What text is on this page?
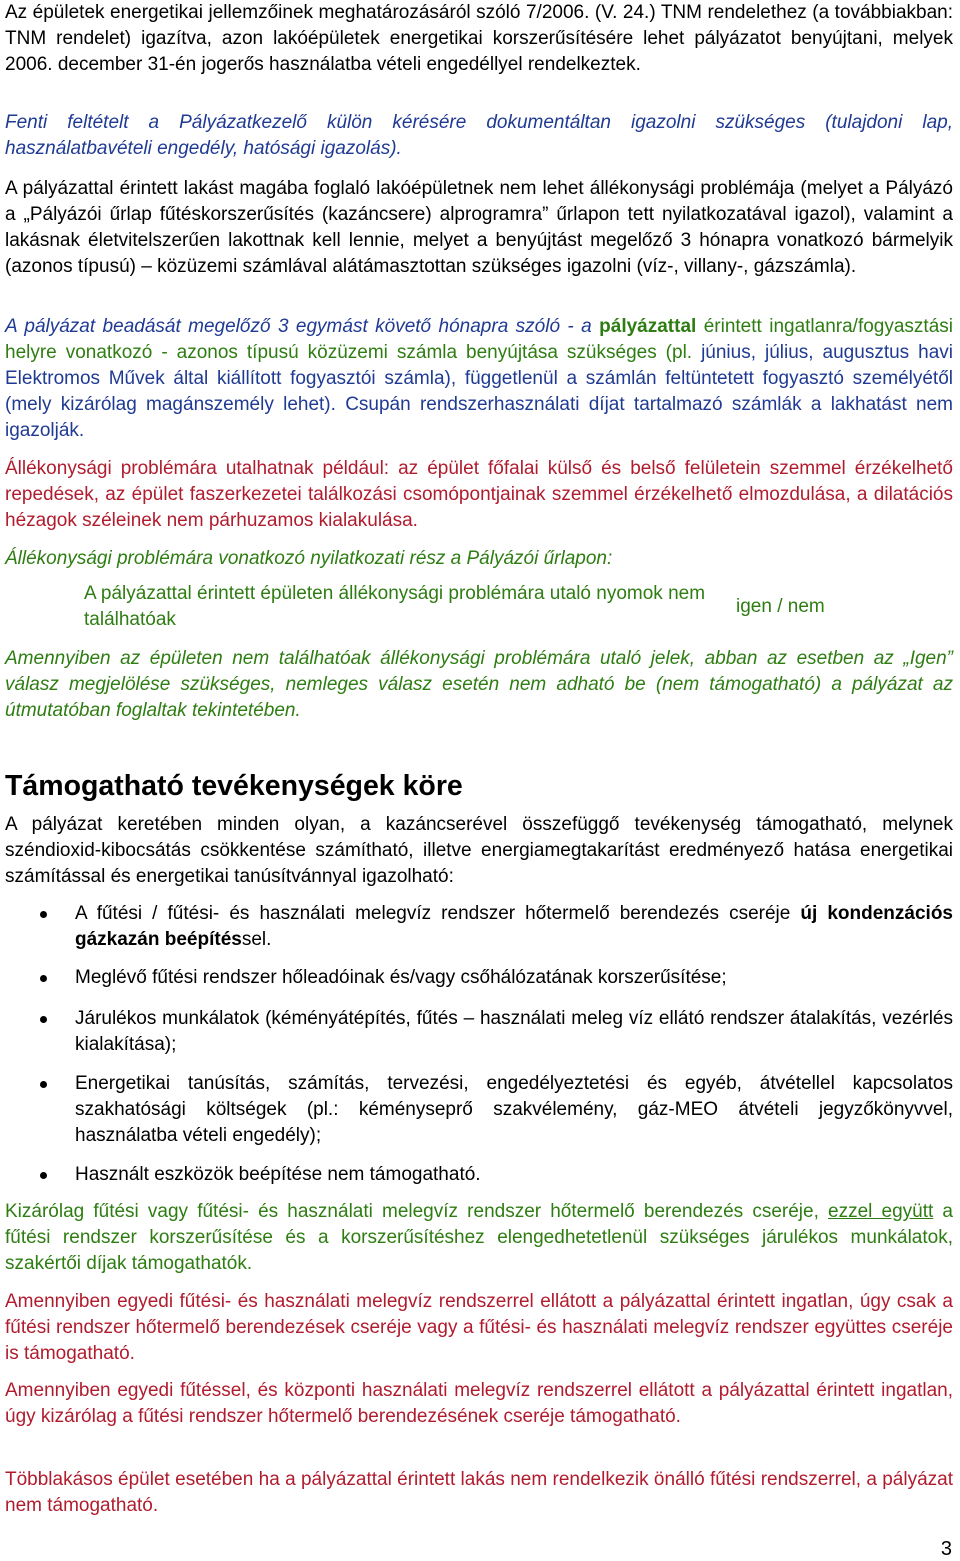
Az épületek energetikai jellemzőinek meghatározásáról szóló 7/2006. (V. 24.) TNM rendelethez (a továbbiakban: TNM rendelet) igazítva, azon lakóépületek energetikai korszerűsítésére lehet pályázatot benyújtani, melyek 2006. december 31-én jogerős használatba vételi engedéllyel rendelkeztek.

Fenti feltételt a Pályázatkezelő külön kérésére dokumentáltan igazolni szükséges (tulajdoni lap, használatbavételi engedély, hatósági igazolás).

A pályázattal érintett lakást magába foglaló lakóépületnek nem lehet állékonysági problémája (melyet a Pályázó a „Pályázói űrlap fűtéskorszerűsítés (kazáncsere) alprogramra” űrlapon tett nyilatkozatával igazol), valamint a lakásnak életvitelszerűen lakottnak kell lennie, melyet a benyújtást megelőző 3 hónapra vonatkozó bármelyik (azonos típusú) – közüzemi számlával alátámasztottan szükséges igazolni (víz-, villany-, gázszámla).

A pályázat beadását megelőző 3 egymást követő hónapra szóló - a pályázattal érintett ingatlanra/fogyasztási helyre vonatkozó - azonos típusú közüzemi számla benyújtása szükséges (pl. június, július, augusztus havi Elektromos Művek által kiállított fogyasztói számla), függetlenül a számlán feltüntetett fogyasztó személyétől (mely kizárólag magánszemély lehet). Csupán rendszerhasználati díjat tartalmazó számlák a lakhatást nem igazolják.

Állékonysági problémára utalhatnak például: az épület főfalai külső és belső felületein szemmel érzékelhető repedések, az épület faszerkezetei találkozási csomópontjainak szemmel érzékelhető elmozdulása, a dilatációs hézagok széleinek nem párhuzamos kialakulása.

Állékonysági problémára vonatkozó nyilatkozati rész a Pályázói űrlapon:

A pályázattal érintett épületen állékonysági problémára utaló nyomok nem találhatóak

igen / nem

Amennyiben az épületen nem találhatóak állékonysági problémára utaló jelek, abban az esetben az „Igen” válasz megjelölése szükséges, nemleges válasz esetén nem adható be (nem támogatható) a pályázat az útmutatóban foglaltak tekintetében.

Támogatható tevékenységek köre

A pályázat keretében minden olyan, a kazáncserével összefüggő tevékenység támogatható, melynek széndioxid-kibocsátás csökkentése számítható, illetve energiamegtakarítást eredményező hatása energetikai számítással és energetikai tanúsítvánnyal igazolható:

A fűtési / fűtési- és használati melegvíz rendszer hőtermelő berendezés cseréje új kondenzációs gázkazán beépítéssel.

Meglévő fűtési rendszer hőleadóinak és/vagy csőhálózatának korszerűsítése;

Járulékos munkálatok (kéményátépítés, fűtés – használati meleg víz ellátó rendszer átalakítás, vezérlés kialakítása);

Energetikai tanúsítás, számítás, tervezési, engedélyeztetési és egyéb, átvétellel kapcsolatos szakhatósági költségek (pl.: kéményseprő szakvélemény, gáz-MEO átvételi jegyzőkönyvvel, használatba vételi engedély);

Használt eszközök beépítése nem támogatható.

Kizárólag fűtési vagy fűtési- és használati melegvíz rendszer hőtermelő berendezés cseréje, ezzel együtt a fűtési rendszer korszerűsítése és a korszerűsítéshez elengedhetetlenül szükséges járulékos munkálatok, szakértői díjak támogathatók.

Amennyiben egyedi fűtési- és használati melegvíz rendszerrel ellátott a pályázattal érintett ingatlan, úgy csak a fűtési rendszer hőtermelő berendezések cseréje vagy a fűtési- és használati melegvíz rendszer együttes cseréje is támogatható.

Amennyiben egyedi fűtéssel, és központi használati melegvíz rendszerrel ellátott a pályázattal érintett ingatlan, úgy kizárólag a fűtési rendszer hőtermelő berendezésének cseréje támogatható.

Többlakásos épület esetében ha a pályázattal érintett lakás nem rendelkezik önálló fűtési rendszerrel, a pályázat nem támogatható.

3
